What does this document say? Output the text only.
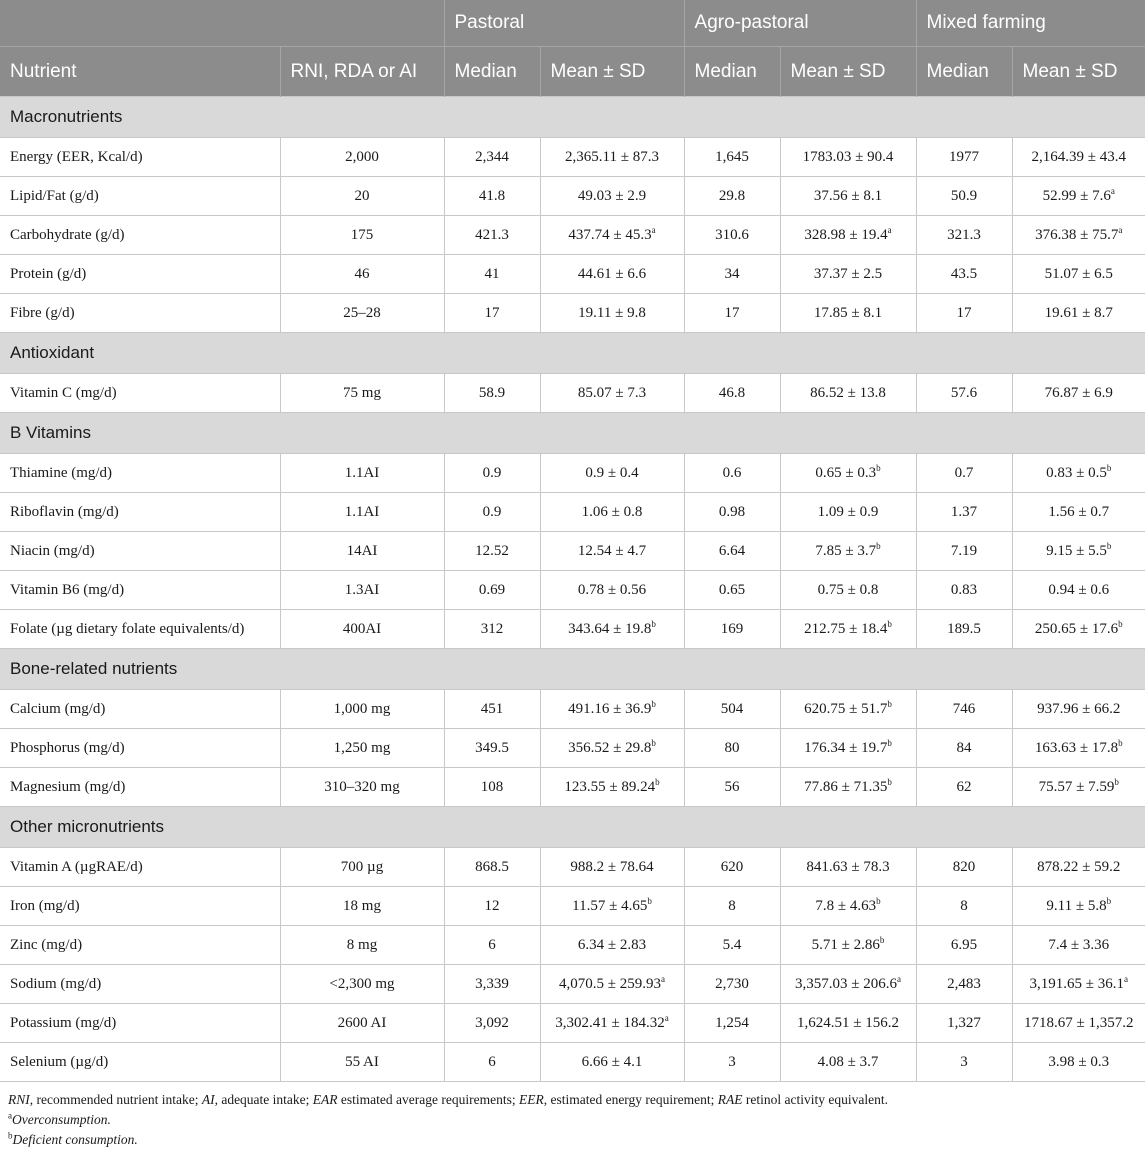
		Pastoral		Agro-pastoral		Mixed farming	
Nutrient	RNI, RDA or AI	Median	Mean ± SD	Median	Mean ± SD	Median	Mean ± SD
Macronutrients							
Energy (EER, Kcal/d)	2,000	2,344	2,365.11 ± 87.3	1,645	1783.03 ± 90.4	1977	2,164.39 ± 43.4
Lipid/Fat (g/d)	20	41.8	49.03 ± 2.9	29.8	37.56 ± 8.1	50.9	52.99 ± 7.6$^a$
Carbohydrate (g/d)	175	421.3	437.74 ± 45.3$^a$	310.6	328.98 ± 19.4$^a$	321.3	376.38 ± 75.7$^a$
Protein (g/d)	46	41	44.61 ± 6.6	34	37.37 ± 2.5	43.5	51.07 ± 6.5
Fibre (g/d)	25–28	17	19.11 ± 9.8	17	17.85 ± 8.1	17	19.61 ± 8.7
Antioxidant							
Vitamin C (mg/d)	75 mg	58.9	85.07 ± 7.3	46.8	86.52 ± 13.8	57.6	76.87 ± 6.9
B Vitamins							
Thiamine (mg/d)	1.1AI	0.9	0.9 ± 0.4	0.6	0.65 ± 0.3$^b$	0.7	0.83 ± 0.5$^b$
Riboflavin (mg/d)	1.1AI	0.9	1.06 ± 0.8	0.98	1.09 ± 0.9	1.37	1.56 ± 0.7
Niacin (mg/d)	14AI	12.52	12.54 ± 4.7	6.64	7.85 ± 3.7$^b$	7.19	9.15 ± 5.5$^b$
Vitamin B6 (mg/d)	1.3AI	0.69	0.78 ± 0.56	0.65	0.75 ± 0.8	0.83	0.94 ± 0.6
Folate (µg dietary folate equivalents/d)	400AI	312	343.64 ± 19.8$^b$	169	212.75 ± 18.4$^b$	189.5	250.65 ± 17.6$^b$
Bone-related nutrients							
Calcium (mg/d)	1,000 mg	451	491.16 ± 36.9$^b$	504	620.75 ± 51.7$^b$	746	937.96 ± 66.2
Phosphorus (mg/d)	1,250 mg	349.5	356.52 ± 29.8$^b$	80	176.34 ± 19.7$^b$	84	163.63 ± 17.8$^b$
Magnesium (mg/d)	310–320 mg	108	123.55 ± 89.24$^b$	56	77.86 ± 71.35$^b$	62	75.57 ± 7.59$^b$
Other micronutrients							
Vitamin A (µgRAE/d)	700 µg	868.5	988.2 ± 78.64	620	841.63 ± 78.3	820	878.22 ± 59.2
Iron (mg/d)	18 mg	12	11.57 ± 4.65$^b$	8	7.8 ± 4.63$^b$	8	9.11 ± 5.8$^b$
Zinc (mg/d)	8 mg	6	6.34 ± 2.83	5.4	5.71 ± 2.86$^b$	6.95	7.4 ± 3.36
Sodium (mg/d)	<2,300 mg	3,339	4,070.5 ± 259.93$^a$	2,730	3,357.03 ± 206.6$^a$	2,483	3,191.65 ± 36.1$^a$
Potassium (mg/d)	2600 AI	3,092	3,302.41 ± 184.32$^a$	1,254	1,624.51 ± 156.2	1,327	1718.67 ± 1,357.2
Selenium (µg/d)	55 AI	6	6.66 ± 4.1	3	4.08 ± 3.7	3	3.98 ± 0.3
RNI, recommended nutrient intake; AI, adequate intake; EAR estimated average requirements; EER, estimated energy requirement; RAE retinol activity equivalent.
$^a$Overconsumption.
$^b$Deficient consumption.
